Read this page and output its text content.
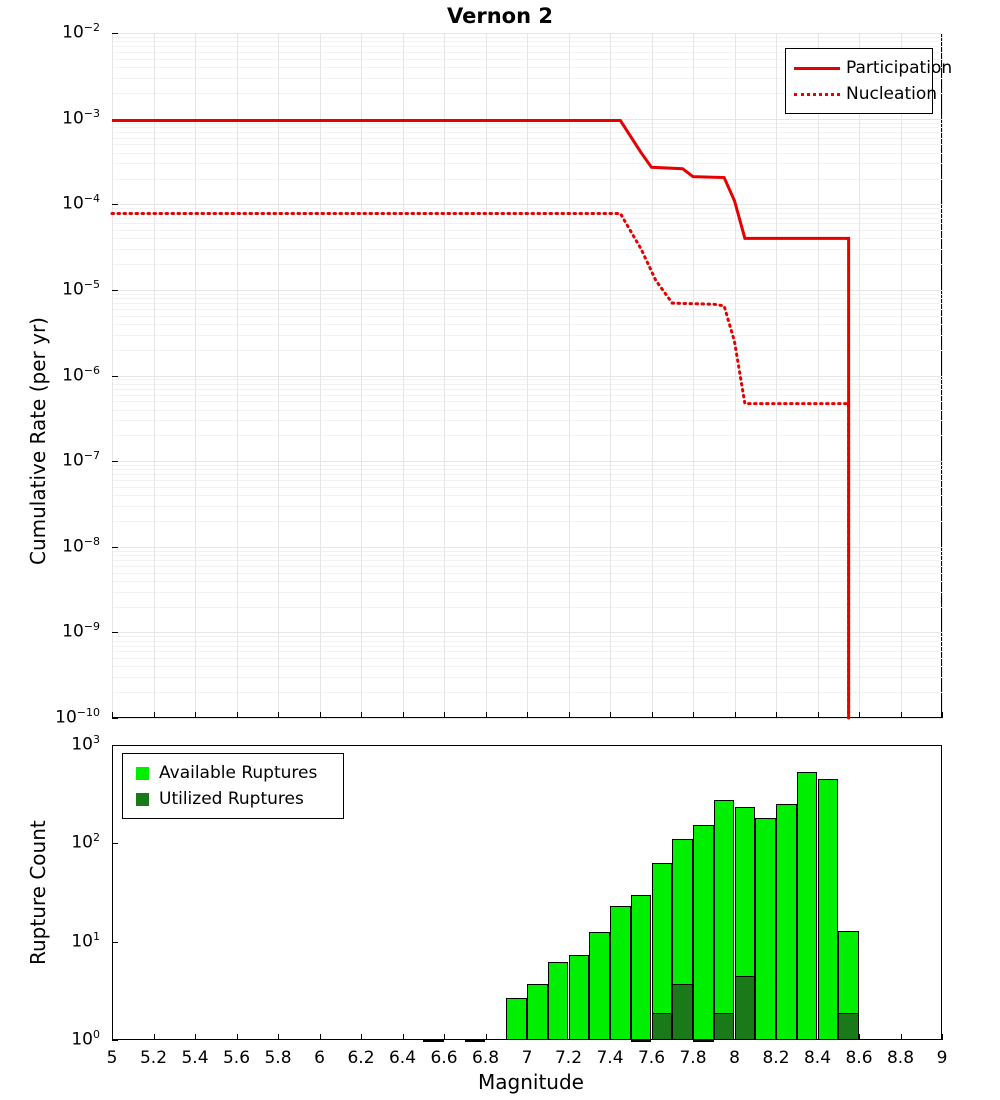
Vernon 2
$10^{-10}$
$10^{-9}$
$10^{-8}$
$10^{-7}$
$10^{-6}$
$10^{-5}$
$10^{-4}$
$10^{-3}$
$10^{-2}$
Cumulative Rate (per yr)
Participation
Nucleation
$10^0$
$10^1$
$10^2$
$10^3$
5 5.2 5.4 5.6 5.8 6 6.2 6.4 6.6 6.8 7 7.2 7.4 7.6 7.8 8 8.2 8.4 8.6 8.8 9
Rupture Count
Magnitude
Available Ruptures
Utilized Ruptures
